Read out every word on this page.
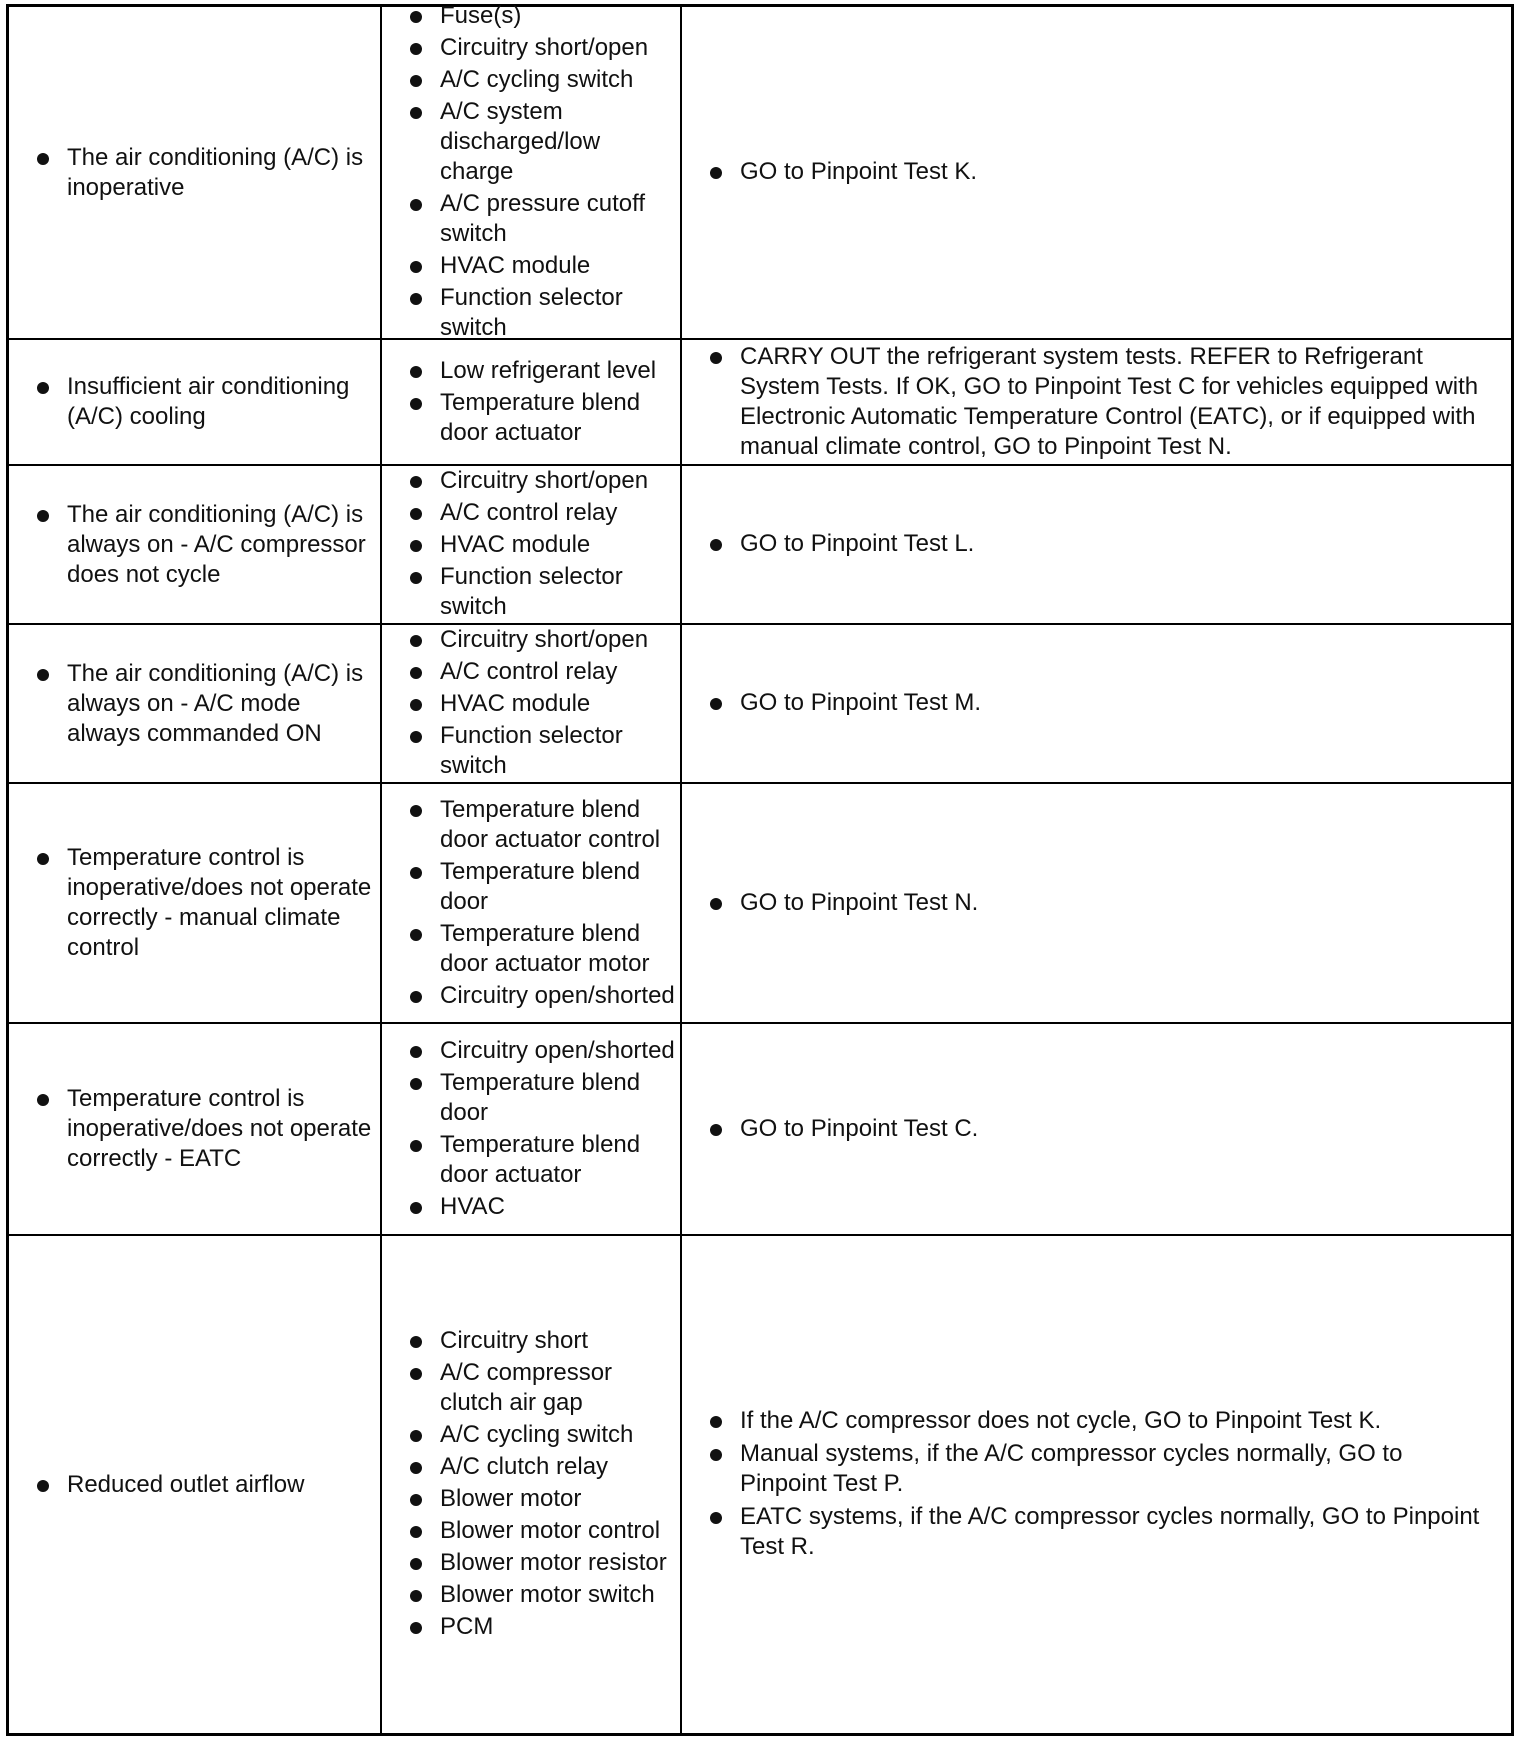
The air conditioning (A/C) is inoperative
Fuse(s)
Circuitry short/open
A/C cycling switch
A/C system discharged/low charge
A/C pressure cutoff switch
HVAC module
Function selector switch
GO to Pinpoint Test K.
Insufficient air conditioning (A/C) cooling
Low refrigerant level
Temperature blend door actuator
CARRY OUT the refrigerant system tests. REFER to Refrigerant System Tests. If OK, GO to Pinpoint Test C for vehicles equipped with Electronic Automatic Temperature Control (EATC), or if equipped with manual climate control, GO to Pinpoint Test N.
The air conditioning (A/C) is always on - A/C compressor does not cycle
Circuitry short/open
A/C control relay
HVAC module
Function selector switch
GO to Pinpoint Test L.
The air conditioning (A/C) is always on - A/C mode always commanded ON
Circuitry short/open
A/C control relay
HVAC module
Function selector switch
GO to Pinpoint Test M.
Temperature control is inoperative/does not operate correctly - manual climate control
Temperature blend door actuator control
Temperature blend door
Temperature blend door actuator motor
Circuitry open/shorted
GO to Pinpoint Test N.
Temperature control is inoperative/does not operate correctly - EATC
Circuitry open/shorted
Temperature blend door
Temperature blend door actuator
HVAC
GO to Pinpoint Test C.
Reduced outlet airflow
Circuitry short
A/C compressor clutch air gap
A/C cycling switch
A/C clutch relay
Blower motor
Blower motor control
Blower motor resistor
Blower motor switch
PCM
If the A/C compressor does not cycle, GO to Pinpoint Test K.
Manual systems, if the A/C compressor cycles normally, GO to Pinpoint Test P.
EATC systems, if the A/C compressor cycles normally, GO to Pinpoint Test R.
